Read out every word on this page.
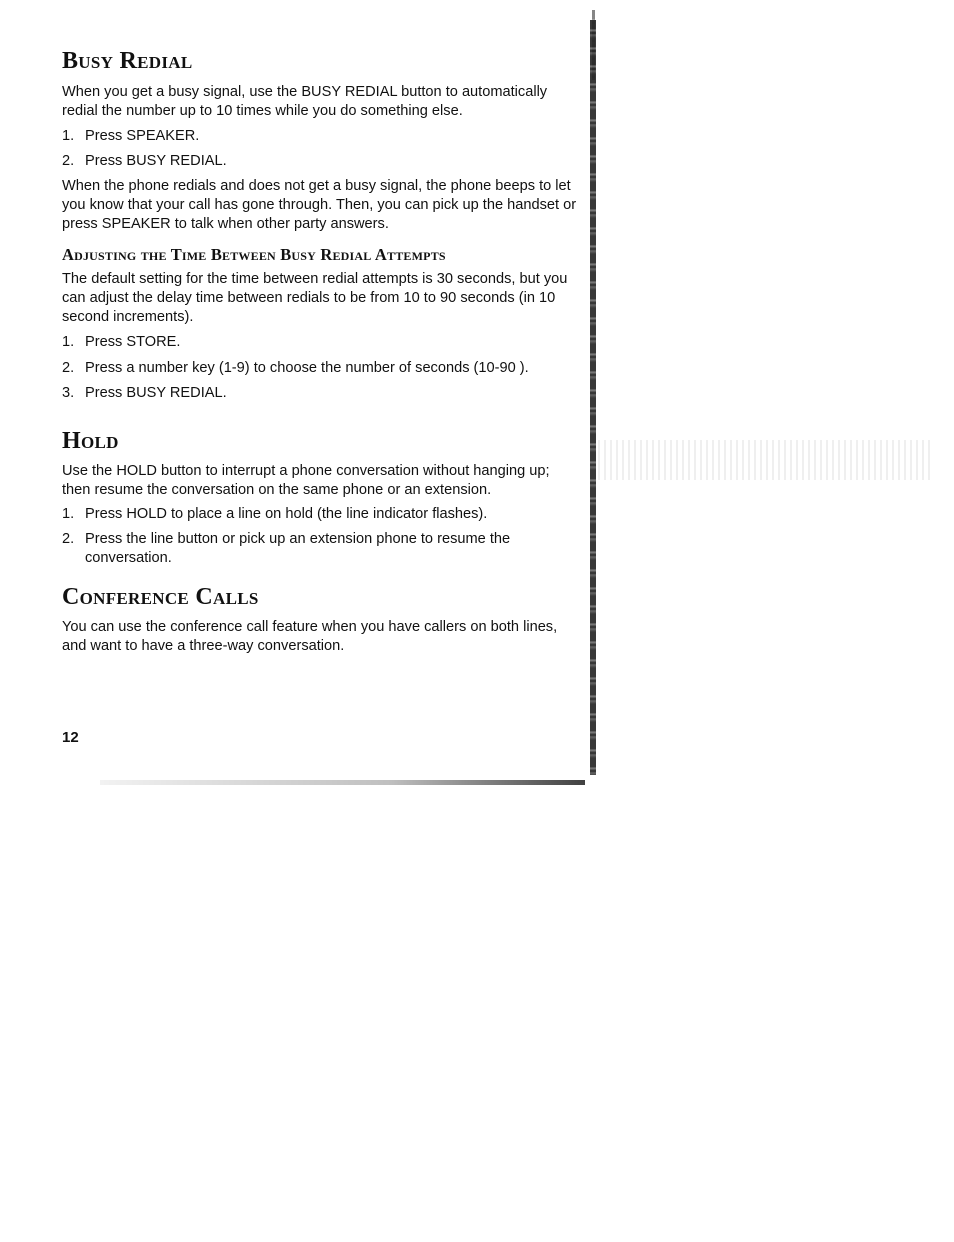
Busy Redial

When you get a busy signal, use the BUSY REDIAL button to automatically redial the number up to 10 times while you do something else.

1. Press SPEAKER.
2. Press BUSY REDIAL.

When the phone redials and does not get a busy signal, the phone beeps to let you know that your call has gone through. Then, you can pick up the handset or press SPEAKER to talk when other party answers.

Adjusting the Time Between Busy Redial Attempts

The default setting for the time between redial attempts is 30 seconds, but you can adjust the delay time between redials to be from 10 to 90 seconds (in 10 second increments).

1. Press STORE.
2. Press a number key (1-9) to choose the number of seconds (10-90 ).
3. Press BUSY REDIAL.
Hold

Use the HOLD button to interrupt a phone conversation without hanging up; then resume the conversation on the same phone or an extension.

1. Press HOLD to place a line on hold (the line indicator flashes).
2. Press the line button or pick up an extension phone to resume the conversation.
Conference Calls

You can use the conference call feature when you have callers on both lines, and want to have a three-way conversation.

12
